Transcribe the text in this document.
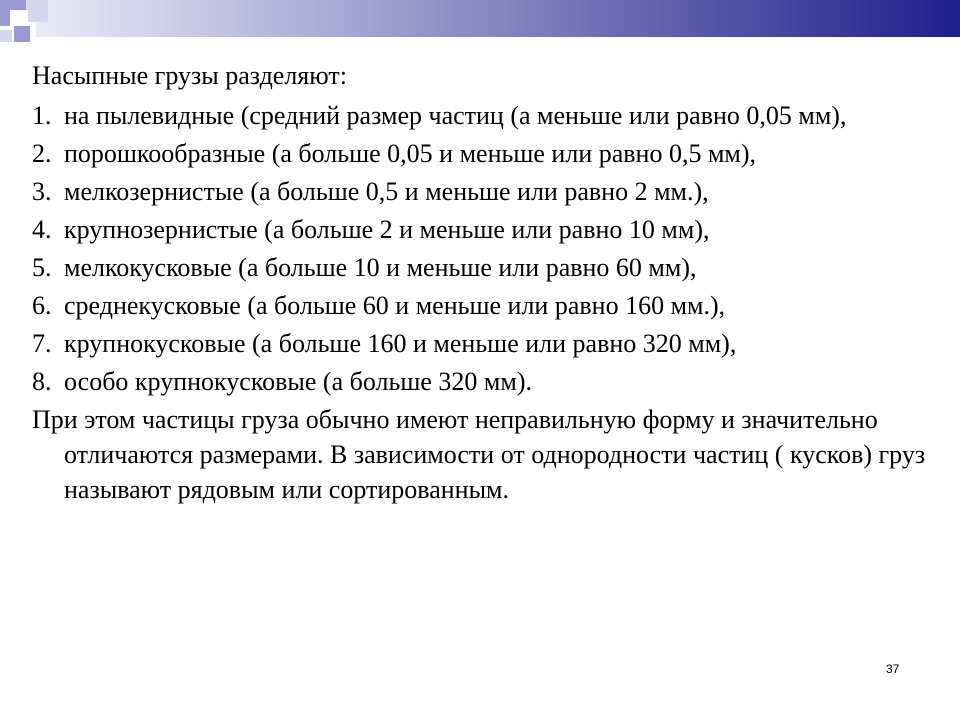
Насыпные грузы разделяют:

1. на пылевидные (средний размер частиц (а меньше или равно 0,05 мм),
2. порошкообразные (а больше 0,05 и меньше или равно 0,5 мм),
3. мелкозернистые (а больше 0,5 и меньше или равно 2 мм.),
4. крупнозернистые (а больше 2 и меньше или равно 10 мм),
5. мелкокусковые (а больше 10 и меньше или равно 60 мм),
6. среднекусковые (а больше 60 и меньше или равно 160 мм.),
7. крупнокусковые (а больше 160 и меньше или равно 320 мм),
8. особо крупнокусковые (а больше 320 мм).

При этом частицы груза обычно имеют неправильную форму и значительно отличаются размерами. В зависимости от однородности частиц ( кусков) груз называют рядовым или сортированным.

37
